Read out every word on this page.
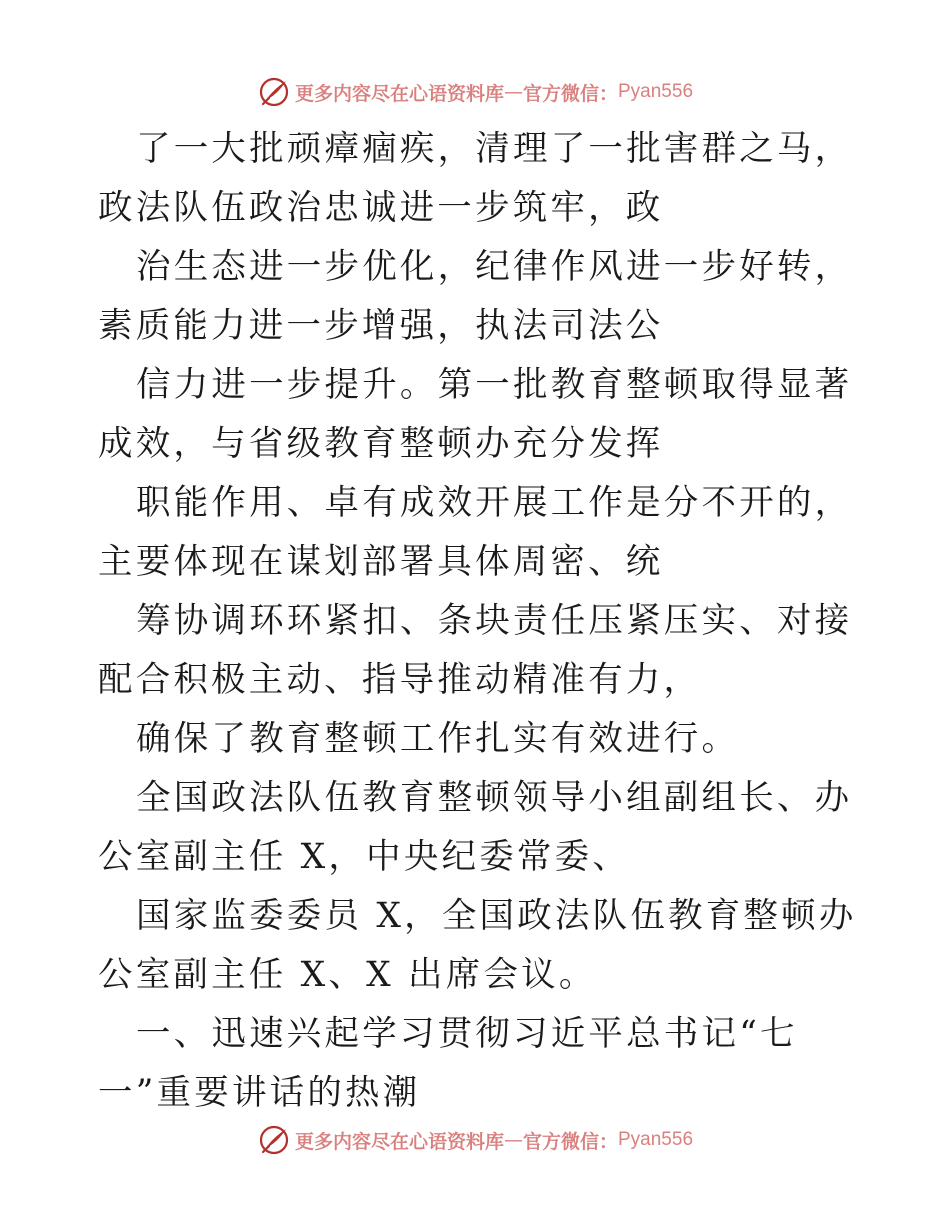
更多内容尽在心语资料库 — 官方微信： Pyan556

了一大批顽瘴痼疾，清理了一批害群之马，政法队伍政治忠诚进一步筑牢，政

治生态进一步优化，纪律作风进一步好转，素质能力进一步增强，执法司法公

信力进一步提升。第一批教育整顿取得显著成效，与省级教育整顿办充分发挥

职能作用、卓有成效开展工作是分不开的，主要体现在谋划部署具体周密、统

筹协调环环紧扣、条块责任压紧压实、对接配合积极主动、指导推动精准有力，

确保了教育整顿工作扎实有效进行。

全国政法队伍教育整顿领导小组副组长、办公室副主任 X，中央纪委常委、

国家监委委员 X，全国政法队伍教育整顿办公室副主任 X、X 出席会议。

一、迅速兴起学习贯彻习近平总书记“七一”重要讲话的热潮

更多内容尽在心语资料库 — 官方微信： Pyan556
